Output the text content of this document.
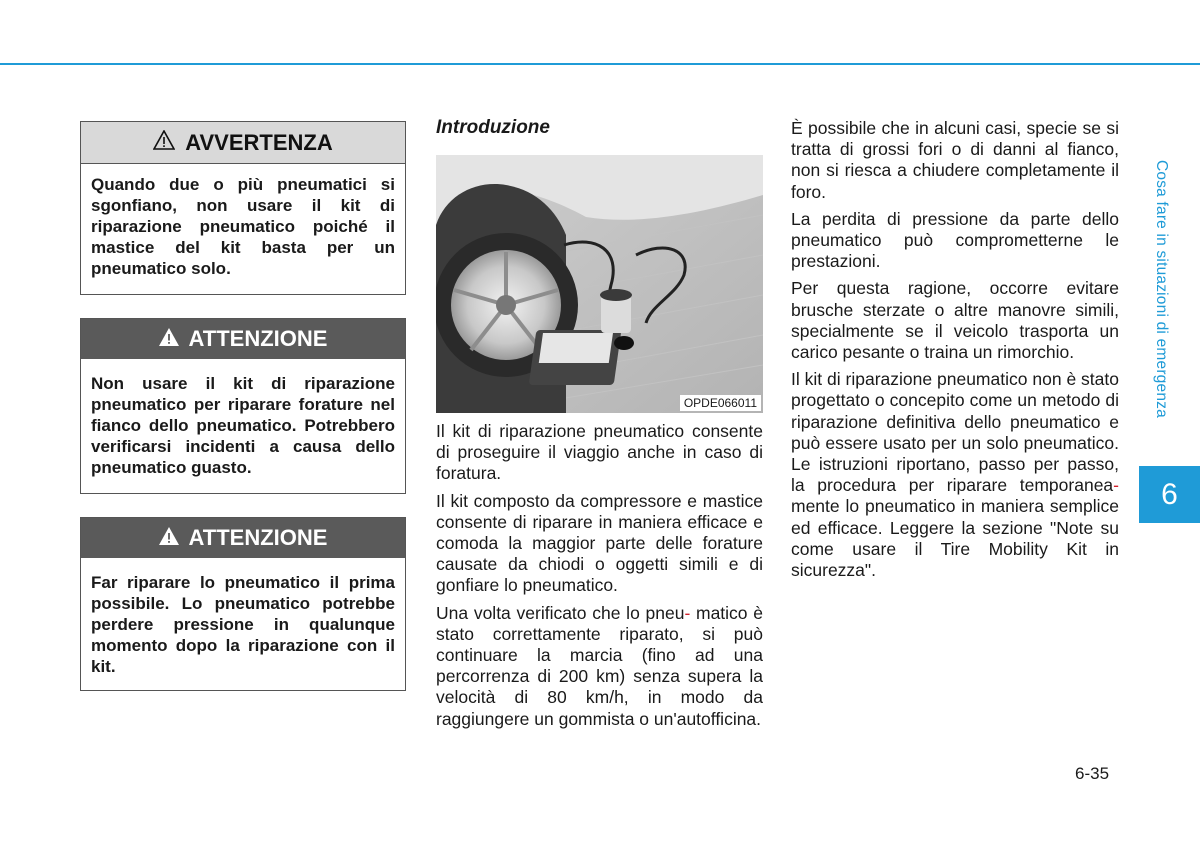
AVVERTENZA

Quando due o più pneumatici si sgonfiano, non usare il kit di riparazione pneumatico poiché il mastice del kit basta per un pneumatico solo.

ATTENZIONE

Non usare il kit di riparazione pneumatico per riparare forature nel fianco dello pneumatico. Potrebbero verificarsi incidenti a causa dello pneumatico guasto.

ATTENZIONE

Far riparare lo pneumatico il prima possibile. Lo pneumatico potrebbe perdere pressione in qualunque momento dopo la riparazione con il kit.

Introduzione
OPDE066011

Il kit di riparazione pneumatico consente di proseguire il viaggio anche in caso di foratura.

Il kit composto da compressore e mastice consente di riparare in maniera efficace e comoda la maggior parte delle forature causate da chiodi o oggetti simili e di gonfiare lo pneumatico.

Una volta verificato che lo pneu- matico è stato correttamente riparato, si può continuare la marcia (fino ad una percorrenza di 200 km) senza supera la velocità di 80 km/h, in modo da raggiungere un gommista o un'autofficina.

È possibile che in alcuni casi, specie se si tratta di grossi fori o di danni al fianco, non si riesca a chiudere completamente il foro.

La perdita di pressione da parte dello pneumatico può comprometterne le prestazioni.

Per questa ragione, occorre evitare brusche sterzate o altre manovre simili, specialmente se il veicolo trasporta un carico pesante o traina un rimorchio.

Il kit di riparazione pneumatico non è stato progettato o concepito come un metodo di riparazione definitiva dello pneumatico e può essere usato per un solo pneumatico. Le istruzioni riportano, passo per passo, la procedura per riparare temporanea- mente lo pneumatico in maniera semplice ed efficace. Leggere la sezione "Note su come usare il Tire Mobility Kit in sicurezza".

Cosa fare in situazioni di emergenza
6
6-35
